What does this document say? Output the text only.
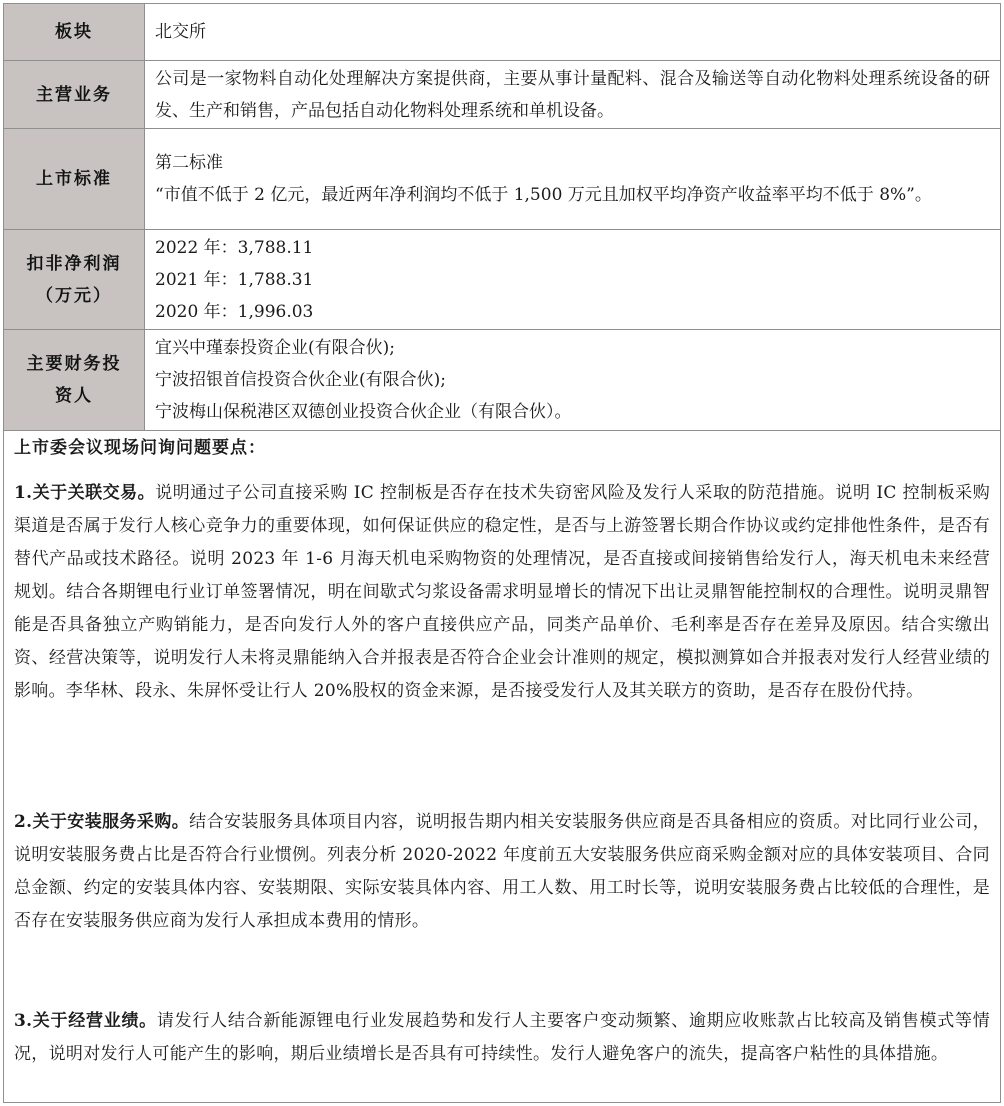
板块	北交所
主营业务
公司是一家物料自动化处理解决方案提供商，主要从事计量配料、混合及输送等自动化物料处理系统设备的研发、生产和销售，产品包括自动化物料处理系统和单机设备。
上市标准
第二标准
“市值不低于 2 亿元，最近两年净利润均不低于 1,500 万元且加权平均净资产收益率平均不低于 8%”。
扣非净利润
（万元）
2022 年：3,788.11
2021 年：1,788.31
2020 年：1,996.03
主要财务投
资人
宜兴中瑾泰投资企业(有限合伙);
宁波招银首信投资合伙企业(有限合伙);
宁波梅山保税港区双德创业投资合伙企业（有限合伙）。
上市委会议现场问询问题要点：
1.关于关联交易。说明通过子公司直接采购 IC 控制板是否存在技术失窃密风险及发行人采取的防范措施。说明 IC 控制板采购渠道是否属于发行人核心竞争力的重要体现，如何保证供应的稳定性，是否与上游签署长期合作协议或约定排他性条件，是否有替代产品或技术路径。说明 2023 年 1-6 月海天机电采购物资的处理情况，是否直接或间接销售给发行人，海天机电未来经营规划。结合各期锂电行业订单签署情况，明在间歇式匀浆设备需求明显增长的情况下出让灵鼎智能控制权的合理性。说明灵鼎智能是否具备独立产购销能力，是否向发行人外的客户直接供应产品，同类产品单价、毛利率是否存在差异及原因。结合实缴出资、经营决策等，说明发行人未将灵鼎能纳入合并报表是否符合企业会计准则的规定，模拟测算如合并报表对发行人经营业绩的影响。李华林、段永、朱屏怀受让行人 20%股权的资金来源，是否接受发行人及其关联方的资助，是否存在股份代持。
2.关于安装服务采购。结合安装服务具体项目内容，说明报告期内相关安装服务供应商是否具备相应的资质。对比同行业公司，说明安装服务费占比是否符合行业惯例。列表分析 2020-2022 年度前五大安装服务供应商采购金额对应的具体安装项目、合同总金额、约定的安装具体内容、安装期限、实际安装具体内容、用工人数、用工时长等，说明安装服务费占比较低的合理性，是否存在安装服务供应商为发行人承担成本费用的情形。
3.关于经营业绩。请发行人结合新能源锂电行业发展趋势和发行人主要客户变动频繁、逾期应收账款占比较高及销售模式等情况，说明对发行人可能产生的影响，期后业绩增长是否具有可持续性。发行人避免客户的流失，提高客户粘性的具体措施。
